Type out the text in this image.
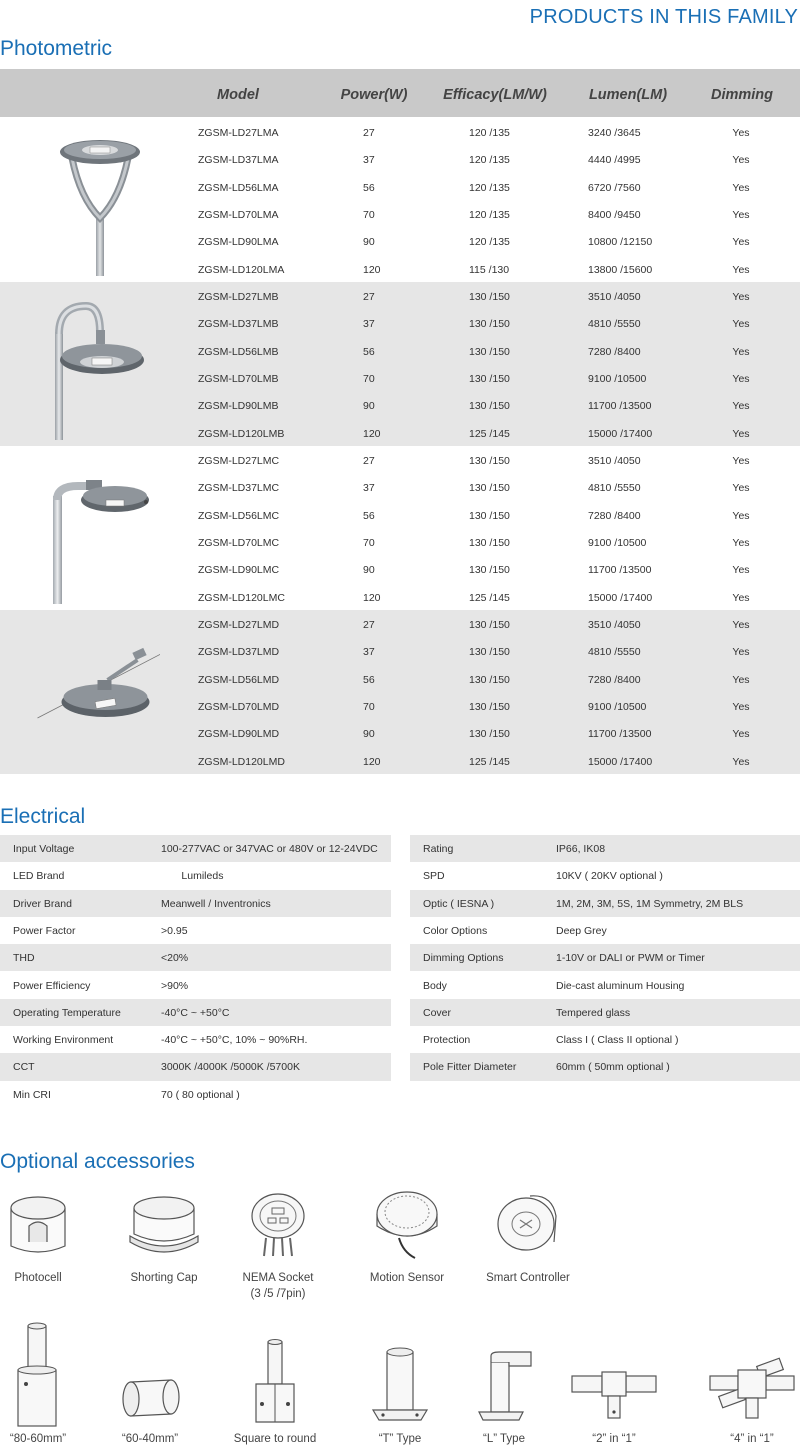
PRODUCTS IN THIS FAMILY
Photometric
Model	Power(W) Efficacy(LM/W)	Lumen(LM)	Dimming
ZGSM-LD27LMA	27	120 /135	3240 /3645	Yes
ZGSM-LD37LMA	37	120 /135	4440 /4995	Yes
ZGSM-LD56LMA	56	120 /135	6720 /7560	Yes
ZGSM-LD70LMA	70	120 /135	8400 /9450	Yes
ZGSM-LD90LMA	90	120 /135	10800 /12150	Yes
ZGSM-LD120LMA	120	115 /130	13800 /15600	Yes
ZGSM-LD27LMB	27	130 /150	3510 /4050	Yes
ZGSM-LD37LMB	37	130 /150	4810 /5550	Yes
ZGSM-LD56LMB	56	130 /150	7280 /8400	Yes
ZGSM-LD70LMB	70	130 /150	9100 /10500	Yes
ZGSM-LD90LMB	90	130 /150	11700 /13500	Yes
ZGSM-LD120LMB	120	125 /145	15000 /17400	Yes
ZGSM-LD27LMC	27	130 /150	3510 /4050	Yes
ZGSM-LD37LMC	37	130 /150	4810 /5550	Yes
ZGSM-LD56LMC	56	130 /150	7280 /8400	Yes
ZGSM-LD70LMC	70	130 /150	9100 /10500	Yes
ZGSM-LD90LMC	90	130 /150	11700 /13500	Yes
ZGSM-LD120LMC	120	125 /145	15000 /17400	Yes
ZGSM-LD27LMD	27	130 /150	3510 /4050	Yes
ZGSM-LD37LMD	37	130 /150	4810 /5550	Yes
ZGSM-LD56LMD	56	130 /150	7280 /8400	Yes
ZGSM-LD70LMD	70	130 /150	9100 /10500	Yes
ZGSM-LD90LMD	90	130 /150	11700 /13500	Yes
ZGSM-LD120LMD	120	125 /145	15000 /17400	Yes
Electrical
Input Voltage	100-277VAC or 347VAC or 480V or 12-24VDC
LED Brand	Lumileds
Driver Brand	Meanwell / Inventronics
Power Factor	>0.95
THD	<20%
Power Efficiency	>90%
Operating Temperature	-40°C ~ +50°C
Working Environment	-40°C ~ +50°C, 10% ~ 90%RH.
CCT	3000K /4000K /5000K /5700K
Min CRI	70 ( 80 optional )
Rating	IP66, IK08
SPD	10KV ( 20KV optional )
Optic ( IESNA )	1M, 2M, 3M, 5S, 1M Symmetry, 2M BLS
Color Options	Deep Grey
Dimming Options	1-10V or DALI or PWM or Timer
Body	Die-cast aluminum Housing
Cover	Tempered glass
Protection	Class I ( Class II optional )
Pole Fitter Diameter	60mm ( 50mm optional )
Optional accessories
Photocell	Shorting Cap	NEMA Socket
(3 /5 /7pin)
Motion Sensor	Smart Controller
“80-60mm”	“60-40mm”	Square to round	“T” Type	“L” Type	“2” in “1”	“4” in “1”
